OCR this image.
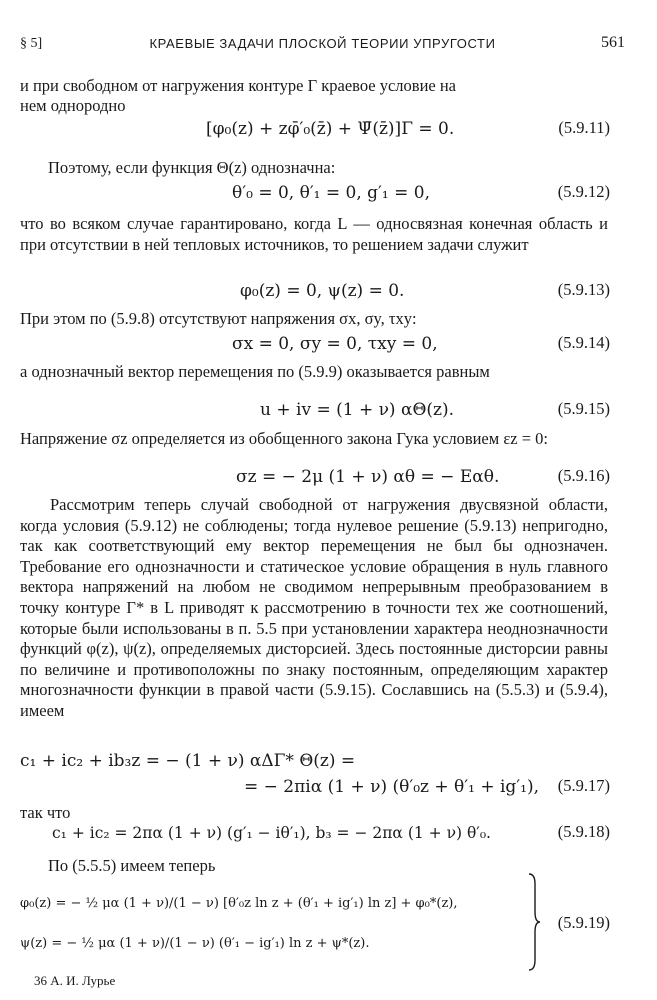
§ 5]	КРАЕВЫЕ ЗАДАЧИ ПЛОСКОЙ ТЕОРИИ УПРУГОСТИ	561
и при свободном от нагружения контуре Γ краевое условие на
нем однородно
[φ₀(z) + zφ̄′₀(z̄) + Ψ̄(z̄)]Γ = 0.	(5.9.11)
Поэтому, если функция Θ(z) однозначна:
θ′₀ = 0, θ′₁ = 0, g′₁ = 0,	(5.9.12)
что во всяком случае гарантировано, когда L — односвязная конечная область и при отсутствии в ней тепловых источников, то решением задачи служит
φ₀(z) = 0, ψ(z) = 0.	(5.9.13)
При этом по (5.9.8) отсутствуют напряжения σx, σy, τxy:
σx = 0, σy = 0, τxy = 0,	(5.9.14)
а однозначный вектор перемещения по (5.9.9) оказывается равным
u + iv = (1 + ν) αΘ(z).	(5.9.15)
Напряжение σz определяется из обобщенного закона Гука условием εz = 0:
σz = − 2μ (1 + ν) αθ = − Eαθ.	(5.9.16)
Рассмотрим теперь случай свободной от нагружения двусвязной области, когда условия (5.9.12) не соблюдены; тогда нулевое решение (5.9.13) непригодно, так как соответствующий ему вектор перемещения не был бы однозначен. Требование его однозначности и статическое условие обращения в нуль главного вектора напряжений на любом не сводимом непрерывным преобразованием в точку контуре Γ* в L приводят к рассмотрению в точности тех же соотношений, которые были использованы в п. 5.5 при установлении характера неоднозначности функций φ(z), ψ(z), определяемых дисторсией. Здесь постоянные дисторсии равны по величине и противоположны по знаку постоянным, определяющим характер многозначности функции в правой части (5.9.15). Сославшись на (5.5.3) и (5.9.4), имеем
c₁ + ic₂ + ib₃z = − (1 + ν) αΔΓ* Θ(z) =
= − 2πiα (1 + ν) (θ′₀z + θ′₁ + ig′₁), (5.9.17)
так что
c₁ + ic₂ = 2πα (1 + ν) (g′₁ − iθ′₁), b₃ = − 2πα (1 + ν) θ′₀.	(5.9.18)
По (5.5.5) имеем теперь
φ₀(z) = − ½ μα (1 + ν)/(1 − ν) [θ′₀z ln z + (θ′₁ + ig′₁) ln z] + φ₀*(z),
ψ(z) = − ½ μα (1 + ν)/(1 − ν) (θ′₁ − ig′₁) ln z + ψ*(z).
(5.9.19)
36 А. И. Лурье
